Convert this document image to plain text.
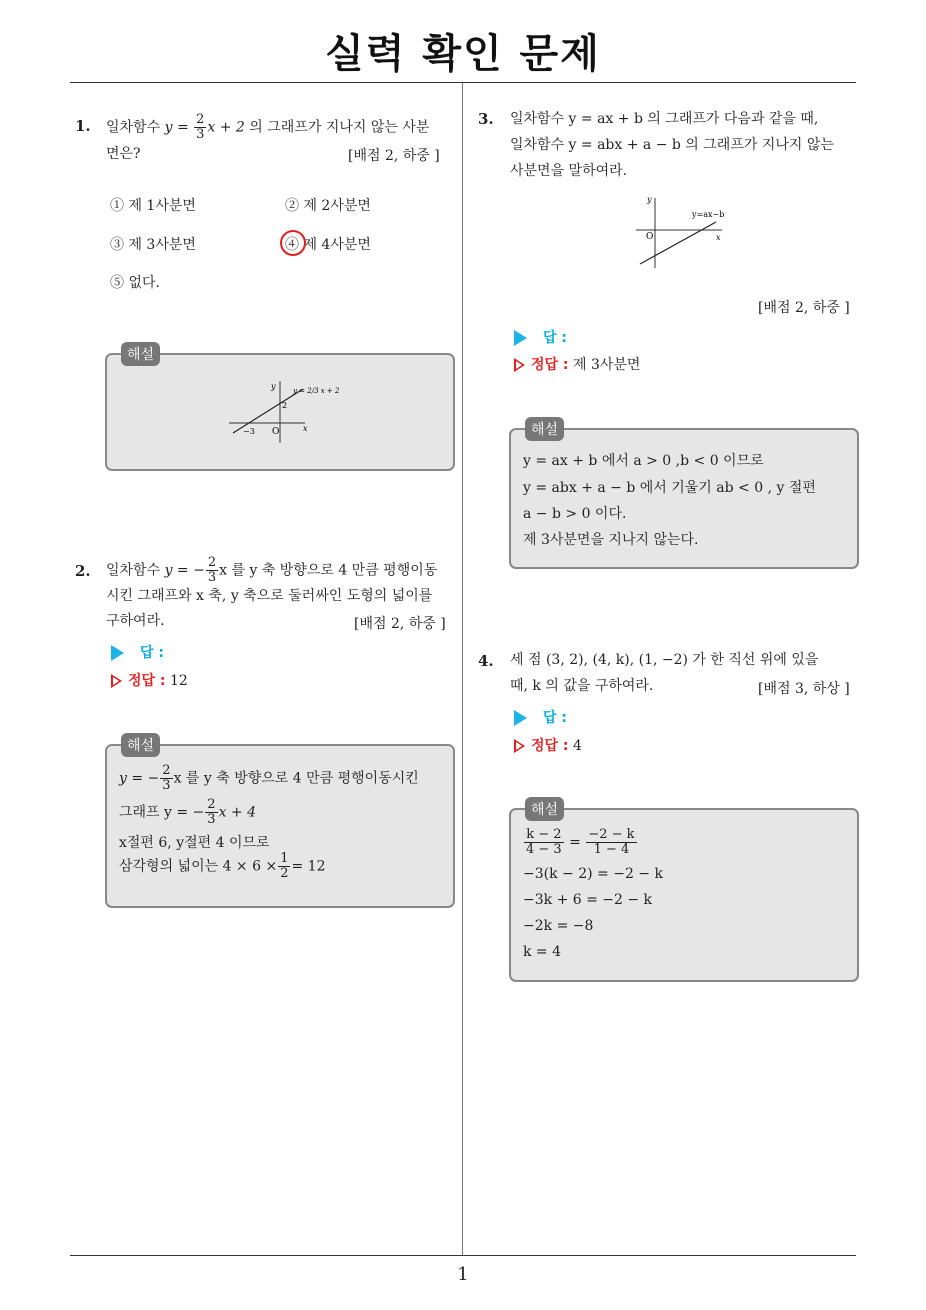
실력 확인 문제
1
1. 일차함수 $y = \frac{2}{3}$ x + 2 의 그래프가 지나지 않는 사분
면은?	[배점 2, 하중 ]
① 제 1사분면	② 제 2사분면
③ 제 3사분면	④ 제 4사분면
⑤ 없다.
해설
y
x
O
−3
2
y = 2/3 x + 2
2. 일차함수 y = − $\frac{2}{3}$ x 를 y 축 방향으로 4 만큼 평행이동
시킨 그래프와 x 축, y 축으로 둘러싸인 도형의 넓이를
구하여라.	[배점 2, 하중 ]
답 :
정답 : 12
해설
y = − $\frac{2}{3}$ x 를 y 축 방향으로 4 만큼 평행이동시킨
그래프 y = − $\frac{2}{3}$ x + 4
x절편 6, y절편 4 이므로
삼각형의 넓이는 $4 \times 6 \times \frac{1}{2} = 12$
3. 일차함수 y = ax + b 의 그래프가 다음과 같을 때,
일차함수 y = abx + a − b 의 그래프가 지나지 않는
사분면을 말하여라.
y
x
O
y=ax−b
[배점 2, 하중 ]
답 :
정답 : 제 3사분면
해설
y = ax + b 에서 a > 0 ,b < 0 이므로
y = abx + a − b 에서 기울기 ab < 0 , y 절편
a − b > 0 이다.
제 3사분면을 지나지 않는다.
4. 세 점 (3, 2), (4, k), (1, −2) 가 한 직선 위에 있을
때, k 의 값을 구하여라.	[배점 3, 하상 ]
답 :
정답 : 4
해설
$\frac{k - 2}{4 - 3} = \frac{-2 - k}{1 - 4}$
−3(k − 2) = −2 − k
−3k + 6 = −2 − k
−2k = −8
k = 4
